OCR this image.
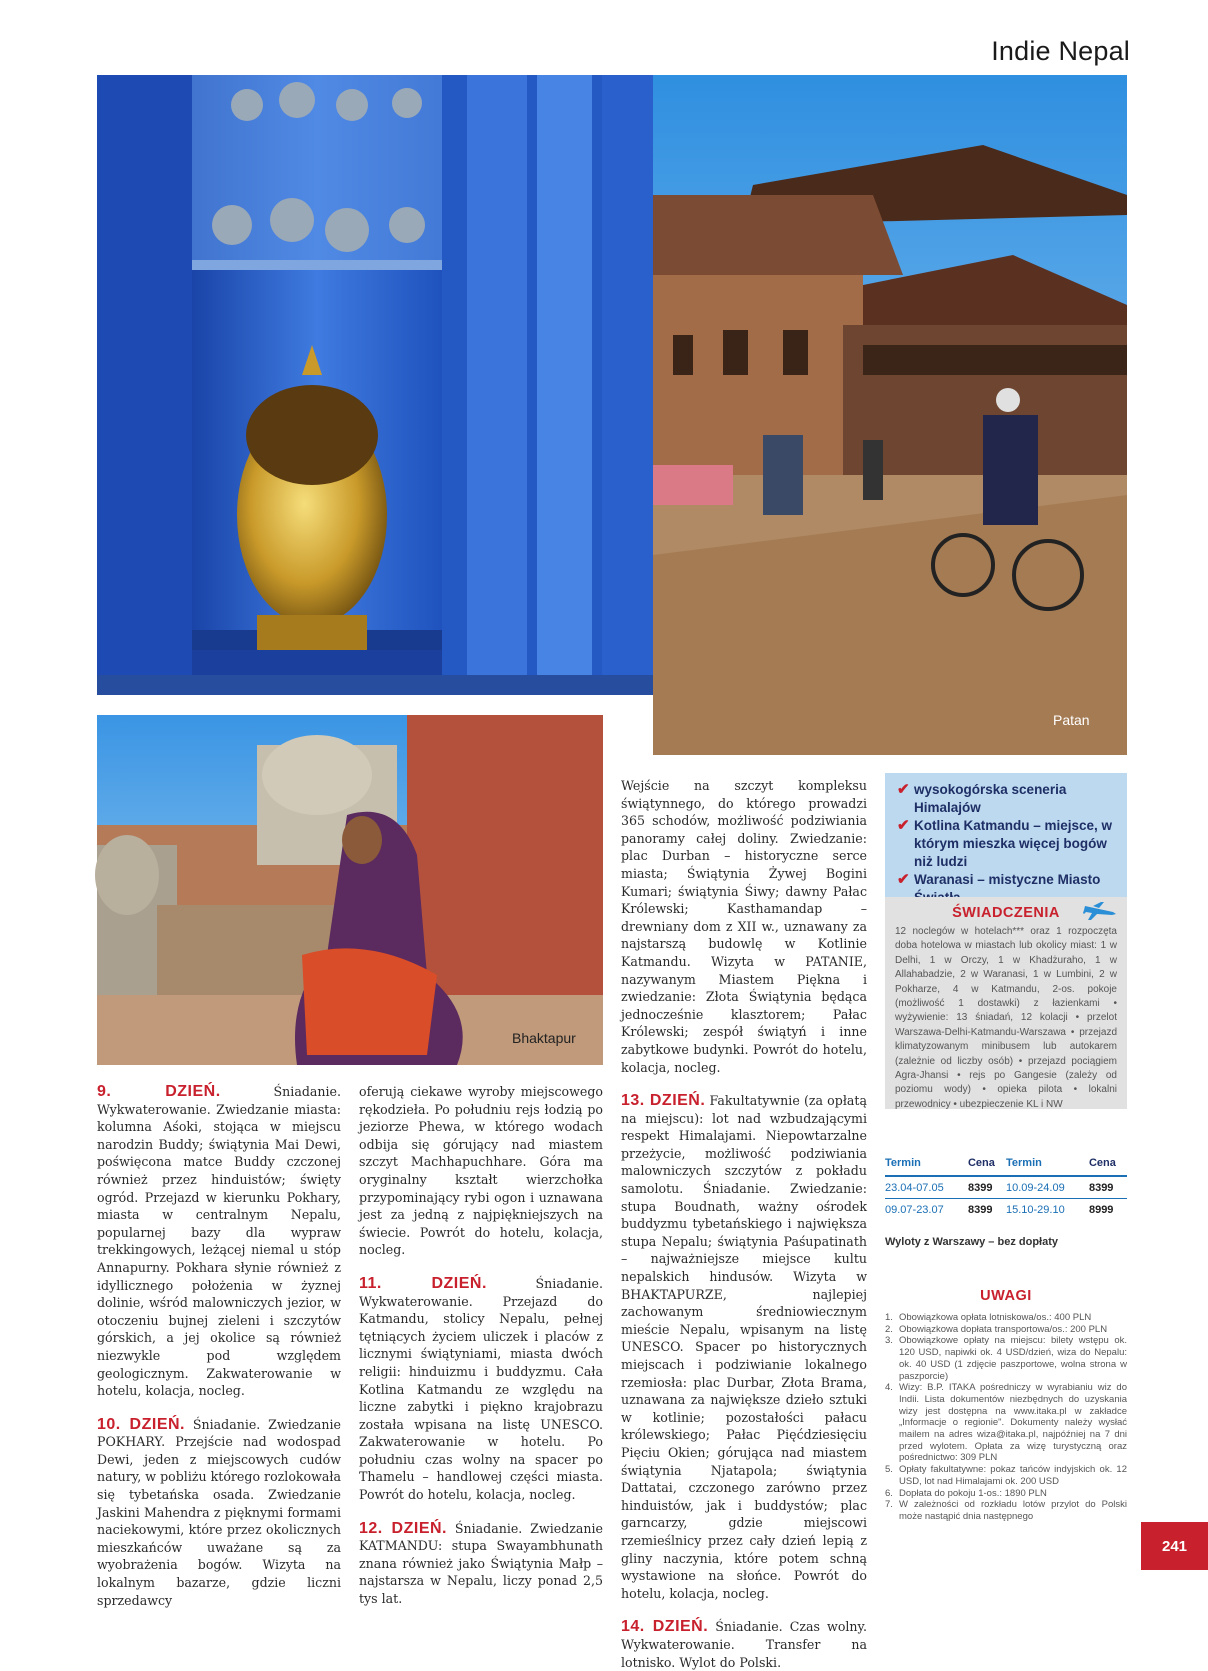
Indie Nepal
Patan
Bhaktapur

9. DZIEŃ.	Śniadanie. Wykwaterowanie. Zwiedzanie miasta: kolumna Aśoki, stojąca w miejscu narodzin Buddy; świątynia Mai Dewi, poświęcona matce Buddy czczonej również przez hinduistów; święty ogród. Przejazd w kierunku Pokhary, miasta w centralnym Nepalu, popularnej bazy dla wypraw trekkingowych, leżącej niemal u stóp Annapurny. Pokhara słynie również z idyllicznego położenia w żyznej dolinie, wśród malowniczych jezior, w otoczeniu bujnej zieleni i szczytów górskich, a jej okolice są również niezwykle pod względem geologicznym. Zakwaterowanie w hotelu, kolacja, nocleg.

10. DZIEŃ. Śniadanie. Zwiedzanie POKHARY. Przejście nad wodospad Dewi, jeden z miejscowych cudów natury, w pobliżu którego rozlokowała się tybetańska osada. Zwiedzanie Jaskini Mahendra z pięknymi formami naciekowymi, które przez okolicznych mieszkańców uważane są za wyobrażenia bogów. Wizyta na lokalnym bazarze, gdzie liczni sprzedawcy

oferują ciekawe wyroby miejscowego rękodzieła. Po południu rejs łodzią po jeziorze Phewa, w którego wodach odbija się górujący nad miastem szczyt Machhapuchhare. Góra ma oryginalny kształt wierzchołka przypominający rybi ogon i uznawana jest za jedną z najpiękniejszych na świecie. Powrót do hotelu, kolacja, nocleg.

11. DZIEŃ.	Śniadanie. Wykwaterowanie. Przejazd do Katmandu, stolicy Nepalu, pełnej tętniących życiem uliczek i placów z licznymi świątyniami, miasta dwóch religii: hinduizmu i buddyzmu. Cała Kotlina Katmandu ze względu na liczne zabytki i piękno krajobrazu została wpisana na listę UNESCO. Zakwaterowanie w hotelu. Po południu czas wolny na spacer po Thamelu – handlowej części miasta. Powrót do hotelu, kolacja, nocleg.

12. DZIEŃ. Śniadanie. Zwiedzanie KATMANDU: stupa Swayambhunath znana również jako Świątynia Małp – najstarsza w Nepalu, liczy ponad 2,5 tys lat.

Wejście na szczyt kompleksu świątynnego, do którego prowadzi 365 schodów, możliwość podziwiania panoramy całej doliny. Zwiedzanie: plac Durban – historyczne serce miasta; Świątynia Żywej Bogini Kumari; świątynia Śiwy; dawny Pałac Królewski; Kasthamandap – drewniany dom z XII w., uznawany za najstarszą budowlę w Kotlinie Katmandu. Wizyta w PATANIE, nazywanym Miastem Piękna i zwiedzanie: Złota Świątynia będąca jednocześnie klasztorem; Pałac Królewski; zespół świątyń i inne zabytkowe budynki. Powrót do hotelu, kolacja, nocleg.

13. DZIEŃ. Fakultatywnie (za opłatą na miejscu): lot nad wzbudzającymi respekt Himalajami. Niepowtarzalne przeżycie, możliwość podziwiania malowniczych szczytów z pokładu samolotu. Śniadanie. Zwiedzanie: stupa Boudnath, ważny ośrodek buddyzmu tybetańskiego i największa stupa Nepalu; świątynia Paśupatinath – najważniejsze miejsce kultu nepalskich hindusów. Wizyta w BHAKTAPURZE, najlepiej zachowanym średniowiecznym mieście Nepalu, wpisanym na listę UNESCO. Spacer po historycznych miejscach i podziwianie lokalnego rzemiosła: plac Durbar, Złota Brama, uznawana za największe dzieło sztuki w kotlinie; pozostałości pałacu królewskiego; Pałac Pięćdziesięciu Pięciu Okien; górująca nad miastem świątynia Njatapola; świątynia Dattatai, czczonego zarówno przez hinduistów, jak i buddystów; plac garncarzy, gdzie miejscowi rzemieślnicy przez cały dzień lepią z gliny naczynia, które potem schną wystawione na słońce. Powrót do hotelu, kolacja, nocleg.

14. DZIEŃ. Śniadanie. Czas wolny. Wykwaterowanie. Transfer na lotnisko. Wylot do Polski.

✔ wysokogórska sceneria Himalajów
✔ Kotlina Katmandu – miejsce, w którym mieszka więcej bogów niż ludzi
✔ Waranasi – mistyczne Miasto
ŚWIADCZENIA

12 noclegów w hotelach*** oraz 1 rozpoczęta doba hotelowa w miastach lub okolicy miast: 1 w Delhi, 1 w Orczy, 1 w Khadżuraho, 1 w Allahabadzie, 2 w Waranasi, 1 w Lumbini, 2 w Pokharze, 4 w Katmandu, 2-os. pokoje (możliwość 1 dostawki) z łazienkami • wyżywienie: 13 śniadań, 12 kolacji • przelot Warszawa-Delhi-Katmandu-Warszawa • przejazd klimatyzowanym minibusem lub autokarem (zależnie od liczby osób) • przejazd pociągiem Agra-Jhansi • rejs po Gangesie (zależy od poziomu wody) • opieka pilota • lokalni przewodnicy • ubezpieczenie KL i NW

Termin	Cena	Termin	Cena
23.04-07.05	8399	10.09-24.09	8399
09.07-23.07	8399	15.10-29.10	8999
Wyloty z Warszawy – bez dopłaty
UWAGI
1. Obowiązkowa opłata lotniskowa/os.: 400 PLN
2. Obowiązkowa dopłata transportowa/os.: 200 PLN
3. Obowiązkowe opłaty na miejscu: bilety wstępu ok. 120 USD, napiwki ok. 4 USD/dzień, wiza do Nepalu: ok. 40 USD (1 zdjęcie paszportowe, wolna strona w paszporcie)
4. Wizy: B.P. ITAKA pośredniczy w wyrabianiu wiz do Indii. Lista dokumentów niezbędnych do uzyskania wizy jest dostępna na www.itaka.pl w zakładce „Informacje o regionie". Dokumenty należy wysłać mailem na adres wiza@itaka.pl, najpóźniej na 7 dni przed wylotem. Opłata za wizę turystyczną oraz pośrednictwo: 309 PLN
5. Opłaty fakultatywne: pokaz tańców indyjskich ok. 12 USD, lot nad Himalajami ok. 200 USD
6. Dopłata do pokoju 1-os.: 1890 PLN
7. W zależności od rozkładu lotów przylot do Polski może nastąpić dnia następnego
241
